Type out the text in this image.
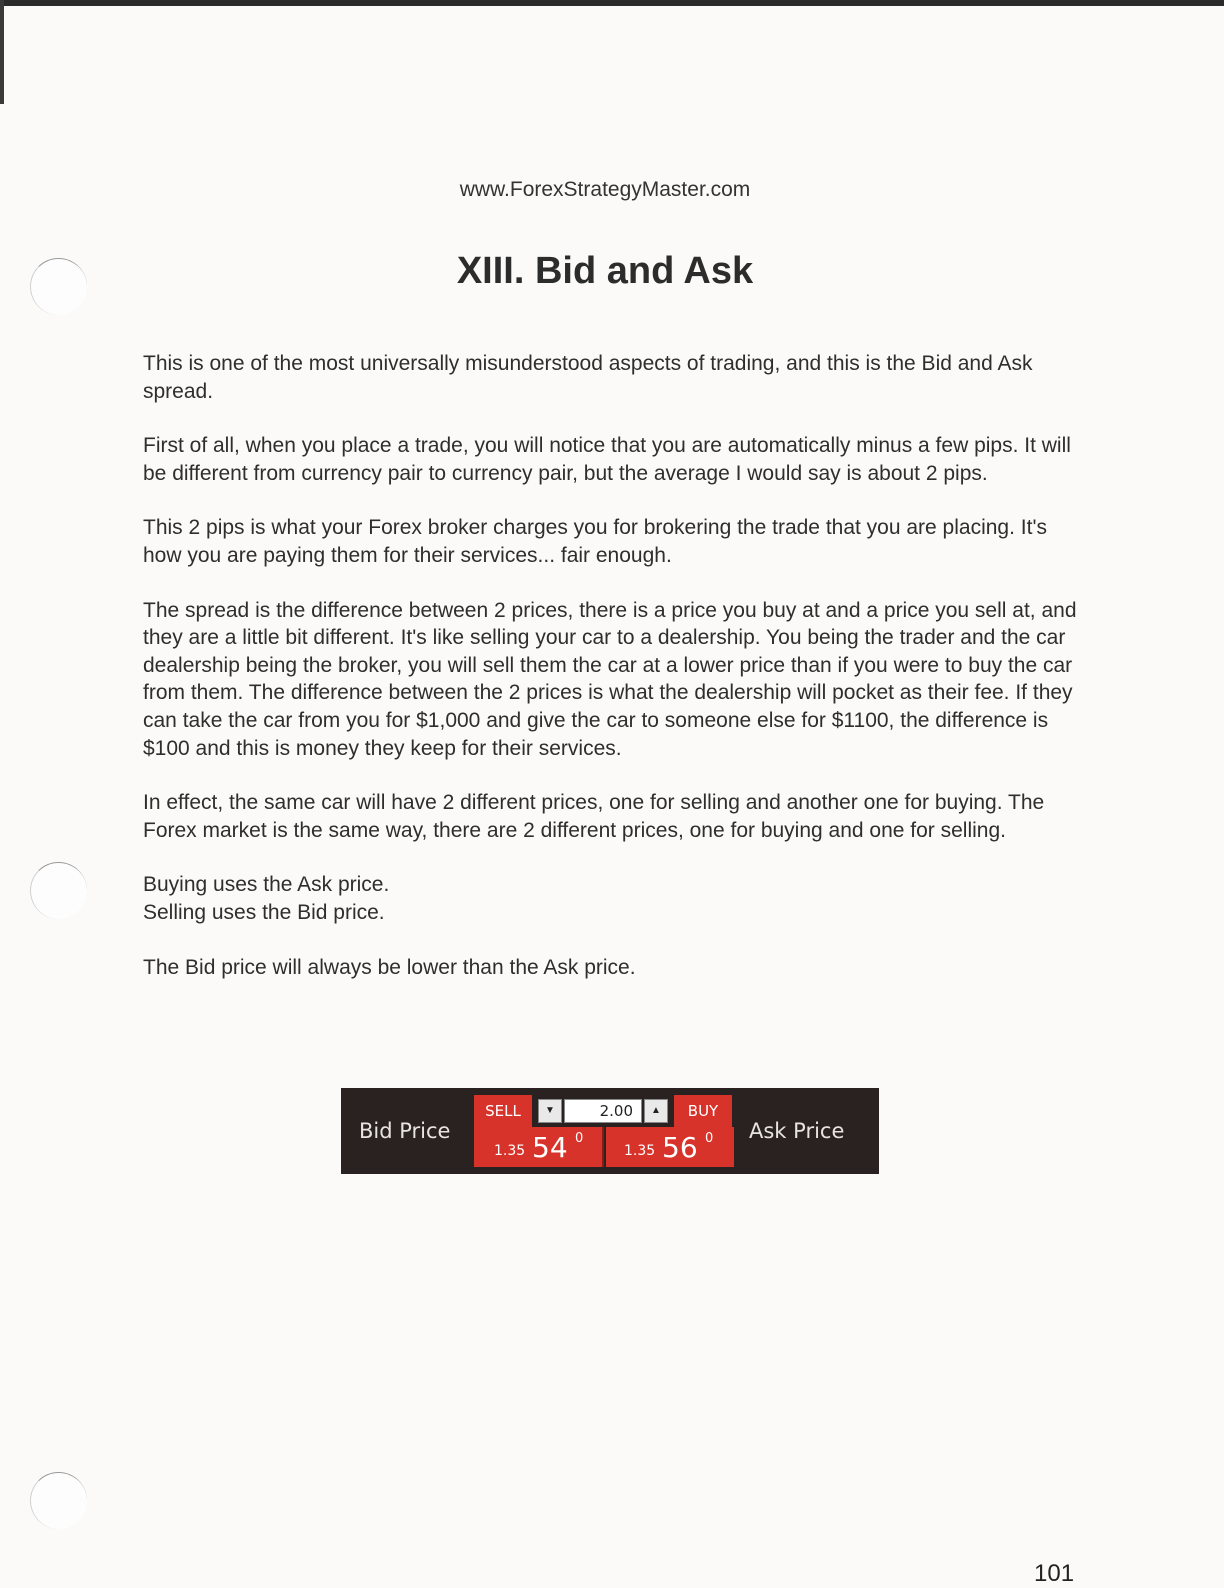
www.ForexStrategyMaster.com
XIII. Bid and Ask

This is one of the most universally misunderstood aspects of trading, and this is the Bid and Ask spread.

First of all, when you place a trade, you will notice that you are automatically minus a few pips. It will be different from currency pair to currency pair, but the average I would say is about 2 pips.

This 2 pips is what your Forex broker charges you for brokering the trade that you are placing. It's how you are paying them for their services... fair enough.

The spread is the difference between 2 prices, there is a price you buy at and a price you sell at, and they are a little bit different. It's like selling your car to a dealership. You being the trader and the car dealership being the broker, you will sell them the car at a lower price than if you were to buy the car from them. The difference between the 2 prices is what the dealership will pocket as their fee. If they can take the car from you for $1,000 and give the car to someone else for $1100, the difference is $100 and this is money they keep for their services.

In effect, the same car will have 2 different prices, one for selling and another one for buying. The Forex market is the same way, there are 2 different prices, one for buying and one for selling.

Buying uses the Ask price.

Selling uses the Bid price.

The Bid price will always be lower than the Ask price.

Bid Price
SELL	▼	2.00	▲	BUY
1.35 54 0
1.35 56 0 Ask Price
101
